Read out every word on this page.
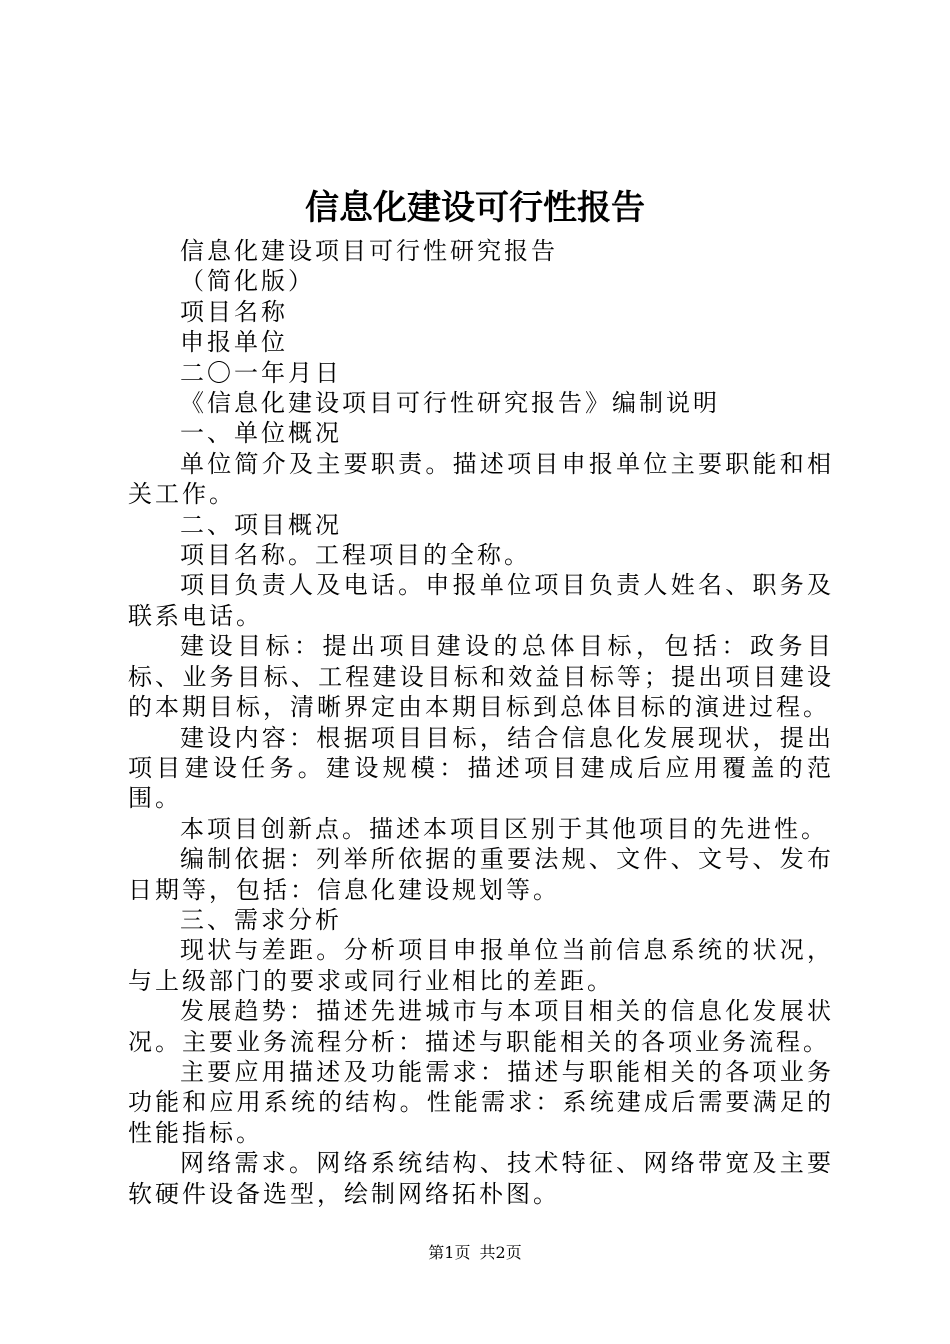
信息化建设可行性报告

信息化建设项目可行性研究报告

（简化版）

项目名称

申报单位

二〇一年月日

《信息化建设项目可行性研究报告》编制说明

一、单位概况

单位简介及主要职责。描述项目申报单位主要职能和相关工作。

二、项目概况

项目名称。工程项目的全称。

项目负责人及电话。申报单位项目负责人姓名、职务及联系电话。

建设目标：提出项目建设的总体目标，包括：政务目标、业务目标、工程建设目标和效益目标等；提出项目建设的本期目标，清晰界定由本期目标到总体目标的演进过程。

建设内容：根据项目目标，结合信息化发展现状，提出项目建设任务。建设规模：描述项目建成后应用覆盖的范围。

本项目创新点。描述本项目区别于其他项目的先进性。

编制依据：列举所依据的重要法规、文件、文号、发布日期等，包括：信息化建设规划等。

三、需求分析

现状与差距。分析项目申报单位当前信息系统的状况，与上级部门的要求或同行业相比的差距。

发展趋势：描述先进城市与本项目相关的信息化发展状况。主要业务流程分析：描述与职能相关的各项业务流程。

主要应用描述及功能需求：描述与职能相关的各项业务功能和应用系统的结构。性能需求：系统建成后需要满足的性能指标。

网络需求。网络系统结构、技术特征、网络带宽及主要软硬件设备选型，绘制网络拓朴图。

第1页 共2页
